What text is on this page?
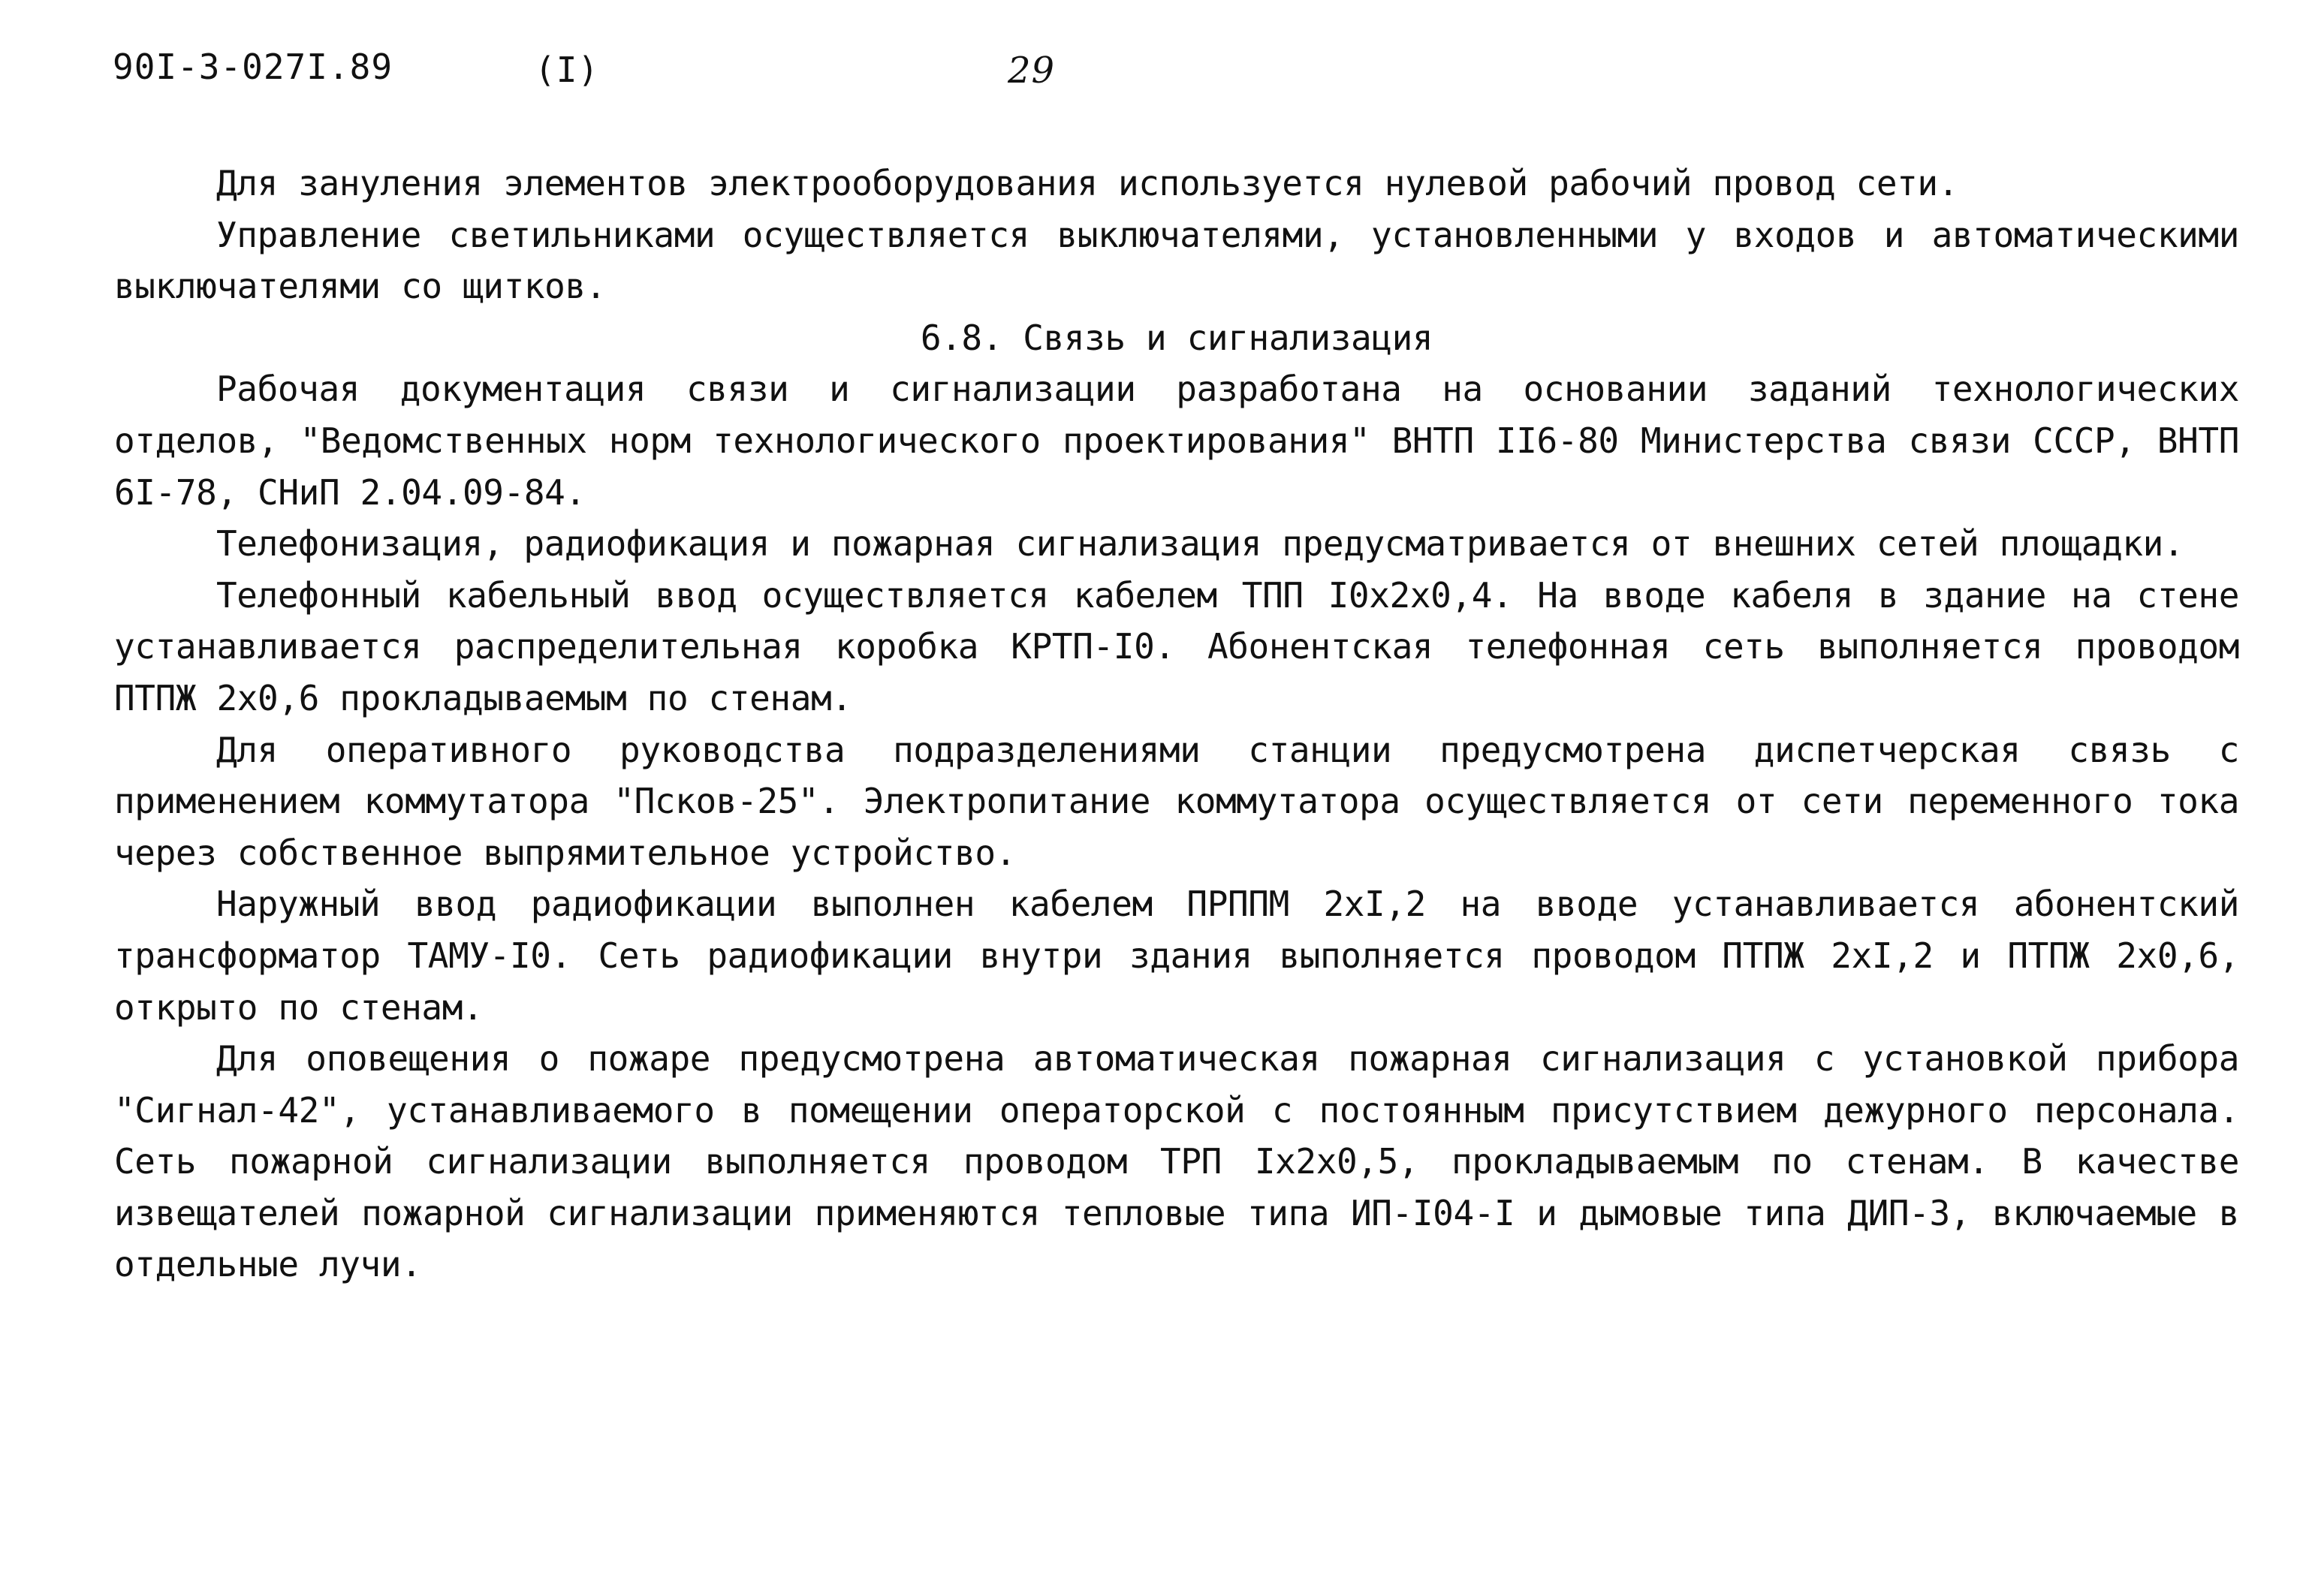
90I-3-027I.89	(I)	29

Для зануления элементов электрооборудования используется нулевой рабочий провод сети.

Управление светильниками осуществляется выключателями, установленными у входов и автоматическими выключателями со щитков.

6.8. Связь и сигнализация

Рабочая документация связи и сигнализации разработана на основании заданий технологических отделов, "Ведомственных норм технологического проектирования" ВНТП II6-80 Министерства связи СССР, ВНТП 6I-78, СНиП 2.04.09-84.

Телефонизация, радиофикация и пожарная сигнализация предусматривается от внешних сетей площадки.

Телефонный кабельный ввод осуществляется кабелем ТПП I0x2x0,4. На вводе кабеля в здание на стене устанавливается распределительная коробка КРТП-I0. Абонентская телефонная сеть выполняется проводом ПТПЖ 2x0,6 прокладываемым по стенам.

Для оперативного руководства подразделениями станции предусмотрена диспетчерская связь с применением коммутатора "Псков-25". Электропитание коммутатора осуществляется от сети переменного тока через собственное выпрямительное устройство.

Наружный ввод радиофикации выполнен кабелем ПРППМ 2xI,2 на вводе устанавливается абонентский трансформатор ТАМУ-I0. Сеть радиофикации внутри здания выполняется проводом ПТПЖ 2xI,2 и ПТПЖ 2x0,6, открыто по стенам.

Для оповещения о пожаре предусмотрена автоматическая пожарная сигнализация с установкой прибора "Сигнал-42", устанавливаемого в помещении операторской с постоянным присутствием дежурного персонала. Сеть пожарной сигнализации выполняется проводом ТРП Ix2x0,5, прокладываемым по стенам. В качестве извещателей пожарной сигнализации применяются тепловые типа ИП-I04-I и дымовые типа ДИП-3, включаемые в отдельные лучи.
